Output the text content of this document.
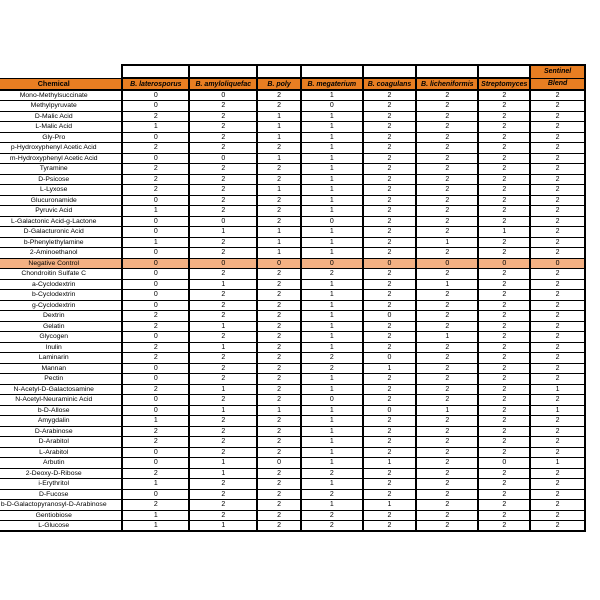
								Sentinel
Chemical	B. laterosporus	B. amyloliquefac	B. poly	B. megaterium	B. coagulans	B. licheniformis	Streptomyces	Blend
Mono-Methylsuccinate	0	0	2	1	2	2	2	2
Methylpyruvate	0	2	2	0	2	2	2	2
D-Malic Acid	2	2	1	1	2	2	2	2
L-Malic Acid	1	2	1	1	2	2	2	2
Gly-Pro	0	2	1	1	2	2	2	2
p-Hydroxyphenyl Acetic Acid	2	2	2	1	2	2	2	2
m-Hydroxyphenyl Acetic Acid	0	0	1	1	2	2	2	2
Tyramine	2	2	2	1	2	2	2	2
D-Psicose	2	2	2	1	2	2	2	2
L-Lyxose	2	2	1	1	2	2	2	2
Glucuronamide	0	2	2	1	2	2	2	2
Pyruvic Acid	1	2	2	1	2	2	2	2
L-Galactonic Acid-g-Lactone	0	0	2	0	2	2	2	2
D-Galacturonic Acid	0	1	1	1	2	2	1	2
b-Phenylethylamine	1	2	1	1	2	1	2	2
2-Aminoethanol	0	2	1	1	2	2	2	2
Negative Control	0	0	0	0	0	0	0	0
Chondroitin Sulfate C	0	2	2	2	2	2	2	2
a-Cyclodextrin	0	1	2	1	2	1	2	2
b-Cyclodextrin	0	2	2	1	2	2	2	2
g-Cyclodextrin	0	2	2	1	2	2	2	2
Dextrin	2	2	2	1	0	2	2	2
Gelatin	2	1	2	1	2	2	2	2
Glycogen	0	2	2	1	2	1	2	2
Inulin	2	1	2	1	2	2	2	2
Laminarin	2	2	2	2	0	2	2	2
Mannan	0	2	2	2	1	2	2	2
Pectin	0	2	2	1	2	2	2	2
N-Acetyl-D-Galactosamine	2	1	2	1	2	2	2	1
N-Acetyl-Neuraminic Acid	0	2	2	0	2	2	2	2
b-D-Allose	0	1	1	1	0	1	2	1
Amygdalin	1	2	2	1	2	2	2	2
D-Arabinose	2	2	2	1	2	2	2	2
D-Arabitol	2	2	2	1	2	2	2	2
L-Arabitol	0	2	2	1	2	2	2	2
Arbutin	0	1	0	1	1	2	0	1
2-Deoxy-D-Ribose	2	1	2	2	2	2	2	2
i-Erythritol	1	2	2	1	2	2	2	2
D-Fucose	0	2	2	2	2	2	2	2
b-D-Galactopyranosyl-D-Arabinose	2	2	2	1	1	2	2	2
Gentiobiose	1	2	2	2	2	2	2	2
L-Glucose	1	1	2	2	2	2	2	2
